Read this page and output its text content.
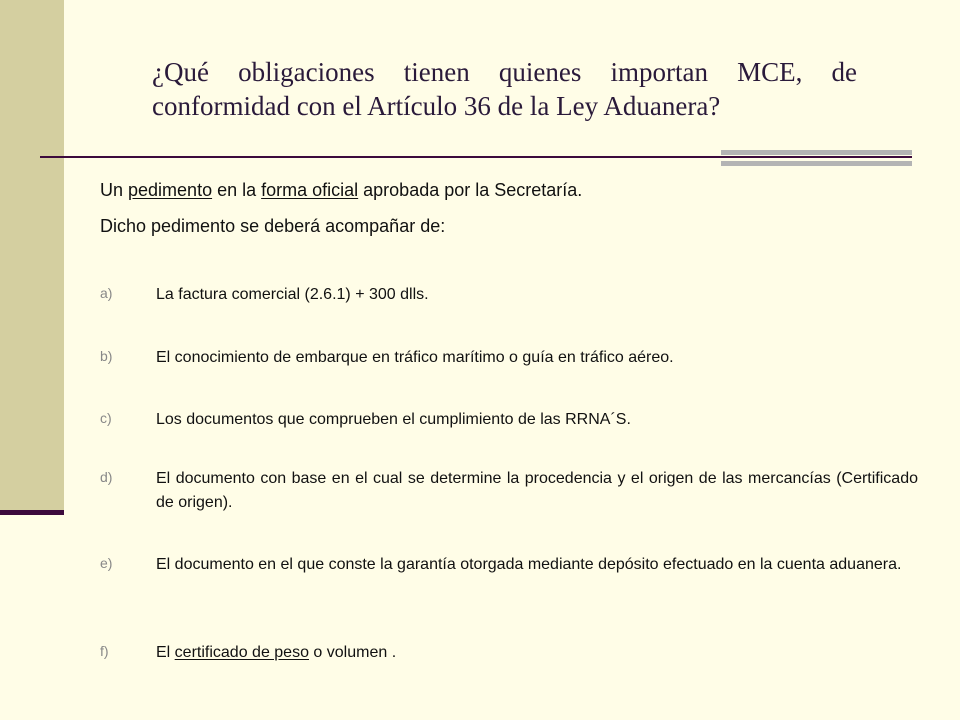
¿Qué obligaciones tienen quienes importan MCE, de conformidad con el Artículo 36 de la Ley Aduanera?

Un pedimento en la forma oficial aprobada por la Secretaría.

Dicho pedimento se deberá acompañar de:

a)	La factura comercial (2.6.1) + 300 dlls.
b)	El conocimiento de embarque en tráfico marítimo o guía en tráfico aéreo.
c)	Los documentos que comprueben el cumplimiento de las RRNA´S.
d)	El documento con base en el cual se determine la procedencia y el origen de las mercancías (Certificado de origen).
e)	El documento en el que conste la garantía otorgada mediante depósito efectuado en la cuenta aduanera.
f)	El certificado de peso o volumen .
